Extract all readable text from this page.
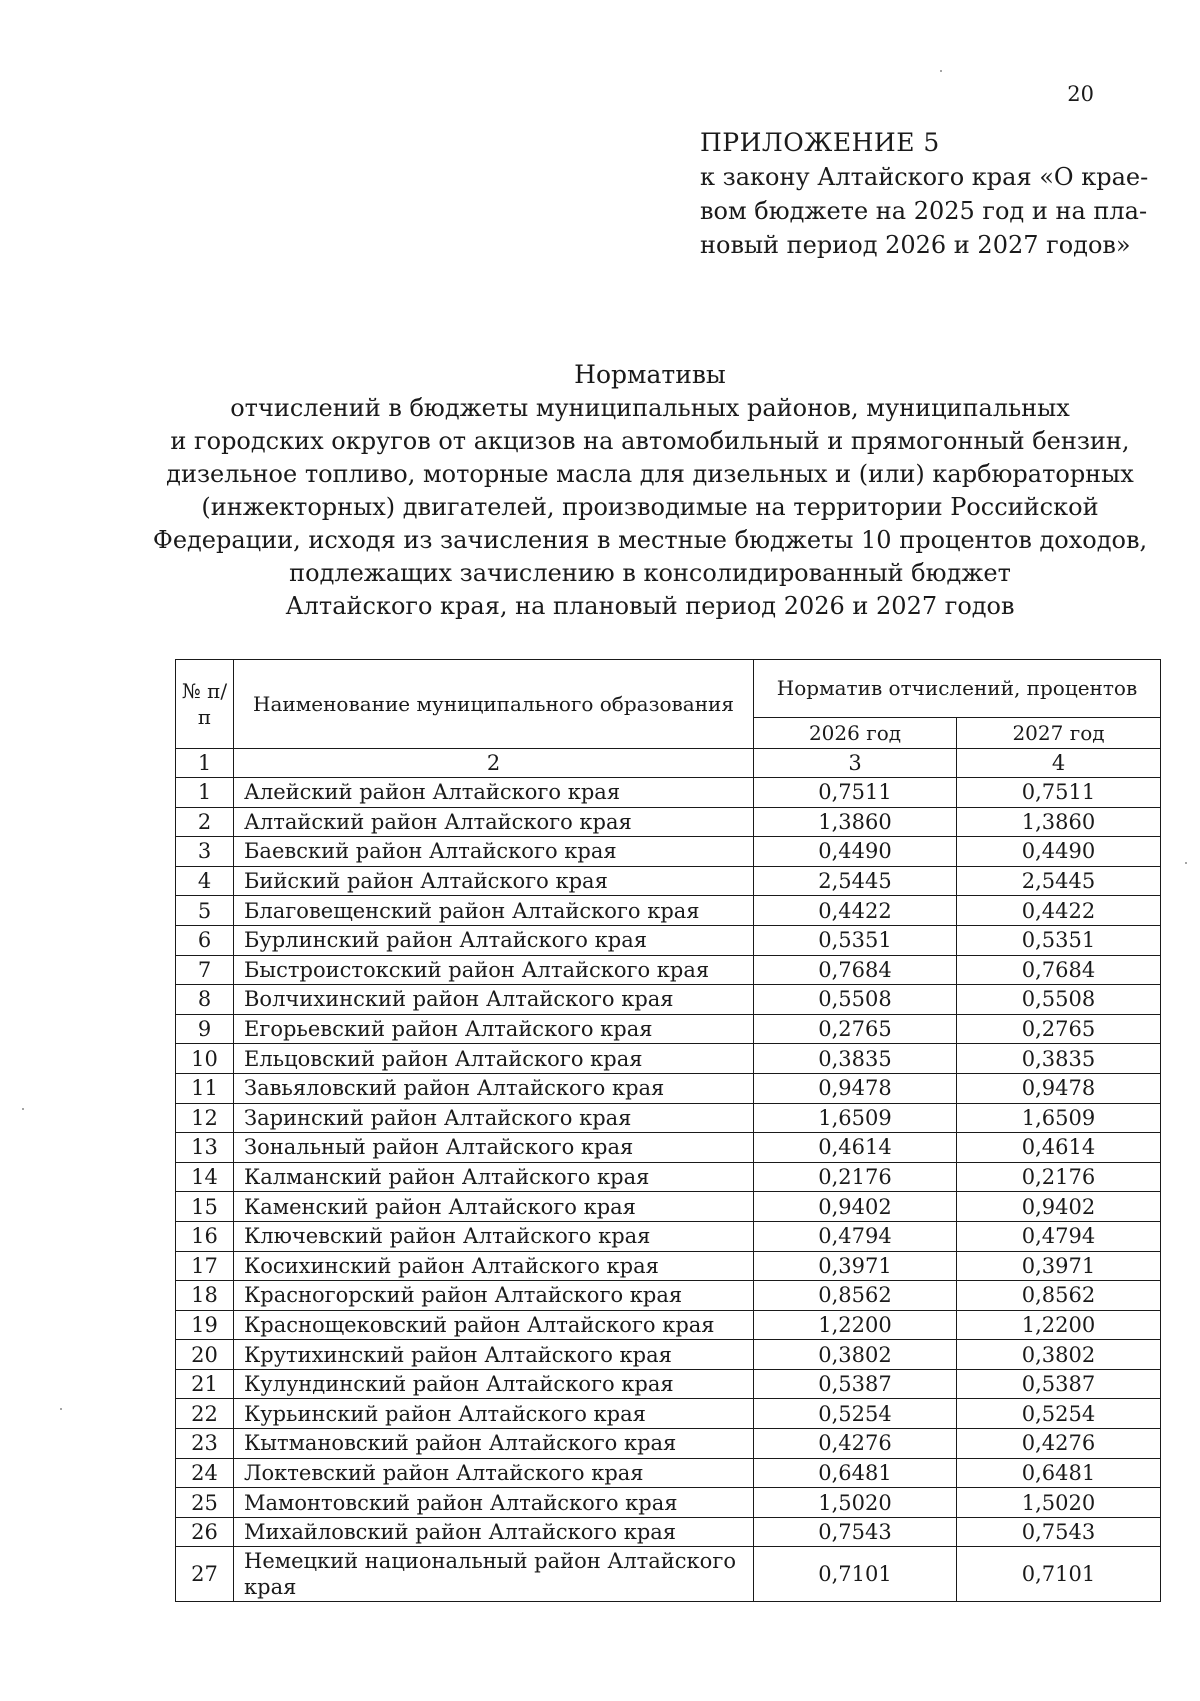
20
ПРИЛОЖЕНИЕ 5
к закону Алтайского края «О крае-
вом бюджете на 2025 год и на пла-
новый период 2026 и 2027 годов»
Нормативы
отчислений в бюджеты муниципальных районов, муниципальных
и городских округов от акцизов на автомобильный и прямогонный бензин,
дизельное топливо, моторные масла для дизельных и (или) карбюраторных
(инжекторных) двигателей, производимые на территории Российской
Федерации, исходя из зачисления в местные бюджеты 10 процентов доходов,
подлежащих зачислению в консолидированный бюджет
Алтайского края, на плановый период 2026 и 2027 годов
№ п/п	Наименование муниципального образования	Норматив отчислений, процентов	
		2026 год	2027 год
1	2	3	4
1	Алейский район Алтайского края	0,7511	0,7511
2	Алтайский район Алтайского края	1,3860	1,3860
3	Баевский район Алтайского края	0,4490	0,4490
4	Бийский район Алтайского края	2,5445	2,5445
5	Благовещенский район Алтайского края	0,4422	0,4422
6	Бурлинский район Алтайского края	0,5351	0,5351
7	Быстроистокский район Алтайского края	0,7684	0,7684
8	Волчихинский район Алтайского края	0,5508	0,5508
9	Егорьевский район Алтайского края	0,2765	0,2765
10	Ельцовский район Алтайского края	0,3835	0,3835
11	Завьяловский район Алтайского края	0,9478	0,9478
12	Заринский район Алтайского края	1,6509	1,6509
13	Зональный район Алтайского края	0,4614	0,4614
14	Калманский район Алтайского края	0,2176	0,2176
15	Каменский район Алтайского края	0,9402	0,9402
16	Ключевский район Алтайского края	0,4794	0,4794
17	Косихинский район Алтайского края	0,3971	0,3971
18	Красногорский район Алтайского края	0,8562	0,8562
19	Краснощековский район Алтайского края	1,2200	1,2200
20	Крутихинский район Алтайского края	0,3802	0,3802
21	Кулундинский район Алтайского края	0,5387	0,5387
22	Курьинский район Алтайского края	0,5254	0,5254
23	Кытмановский район Алтайского края	0,4276	0,4276
24	Локтевский район Алтайского края	0,6481	0,6481
25	Мамонтовский район Алтайского края	1,5020	1,5020
26	Михайловский район Алтайского края	0,7543	0,7543
27	Немецкий национальный район Алтайского края	0,7101	0,7101
